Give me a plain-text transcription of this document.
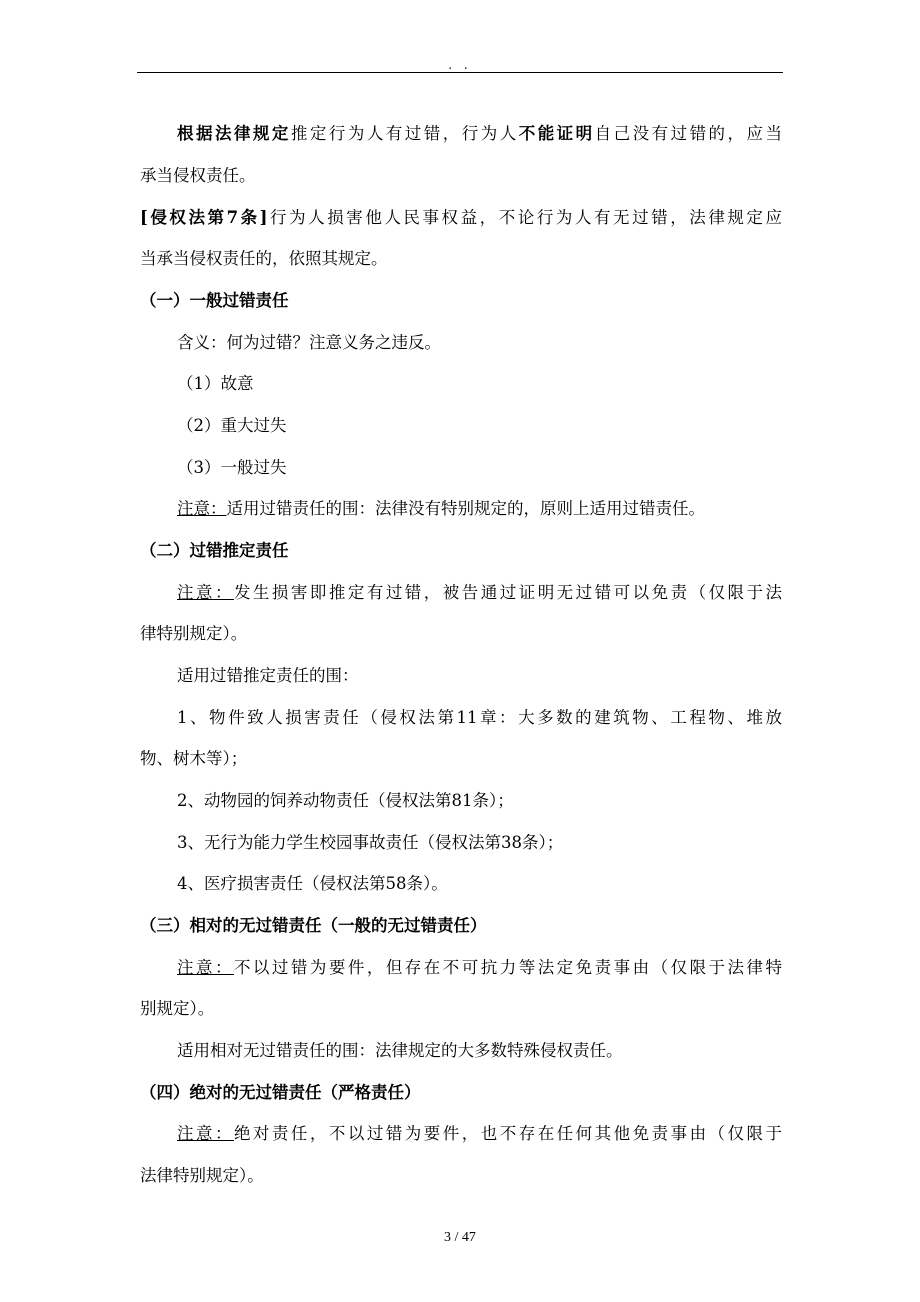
. .
根据法律规定推定行为人有过错，行为人不能证明自己没有过错的，应当
承当侵权责任。
[侵权法第7条]行为人损害他人民事权益，不论行为人有无过错，法律规定应
当承当侵权责任的，依照其规定。
（一）一般过错责任
含义：何为过错？注意义务之违反。
（1）故意
（2）重大过失
（3）一般过失
注意：适用过错责任的围：法律没有特别规定的，原则上适用过错责任。
（二）过错推定责任
注意：发生损害即推定有过错，被告通过证明无过错可以免责（仅限于法
律特别规定）。
适用过错推定责任的围：
1、物件致人损害责任（侵权法第11章：大多数的建筑物、工程物、堆放
物、树木等）；
2、动物园的饲养动物责任（侵权法第81条）；
3、无行为能力学生校园事故责任（侵权法第38条）；
4、医疗损害责任（侵权法第58条）。
（三）相对的无过错责任（一般的无过错责任）
注意：不以过错为要件，但存在不可抗力等法定免责事由（仅限于法律特
别规定）。
适用相对无过错责任的围：法律规定的大多数特殊侵权责任。
（四）绝对的无过错责任（严格责任）
注意：绝对责任，不以过错为要件，也不存在任何其他免责事由（仅限于
法律特别规定）。
3 / 47
